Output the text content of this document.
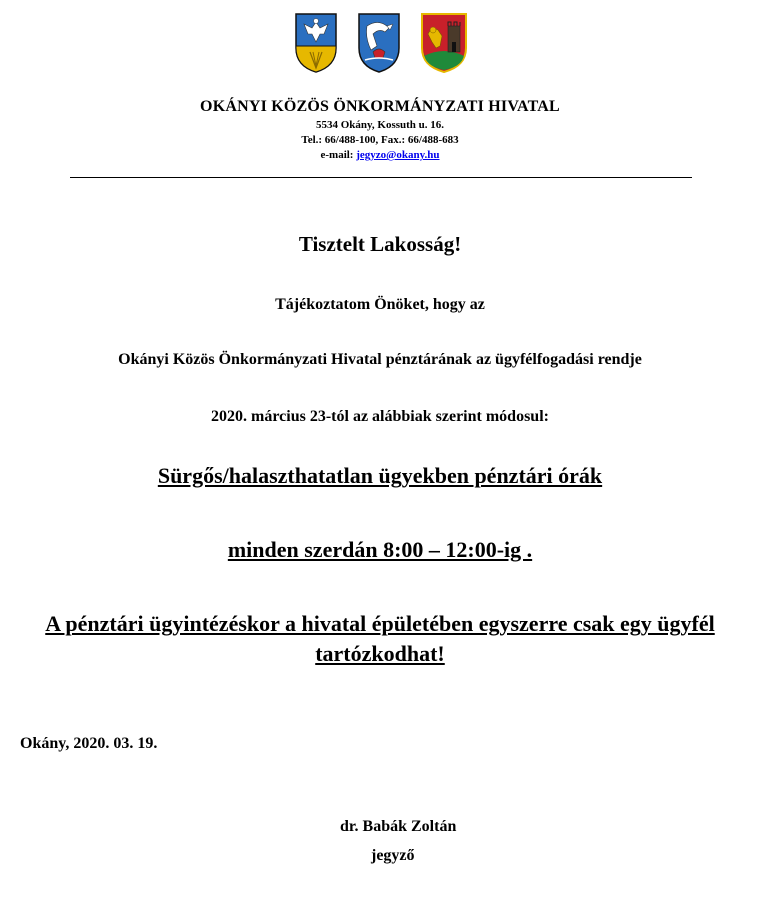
OKÁNYI KÖZÖS ÖNKORMÁNYZATI HIVATAL
5534 Okány, Kossuth u. 16.
Tel.: 66/488-100, Fax.: 66/488-683
e-mail: jegyzo@okany.hu
Tisztelt Lakosság!
Tájékoztatom Önöket, hogy az
Okányi Közös Önkormányzati Hivatal pénztárának az ügyfélfogadási rendje
2020. március 23-tól az alábbiak szerint módosul:
Sürgős/halaszthatatlan ügyekben pénztári órák
minden szerdán 8:00 – 12:00-ig .
A pénztári ügyintézéskor a hivatal épületében egyszerre csak egy ügyfél tartózkodhat!
Okány, 2020. 03. 19.
dr. Babák Zoltán
jegyző
